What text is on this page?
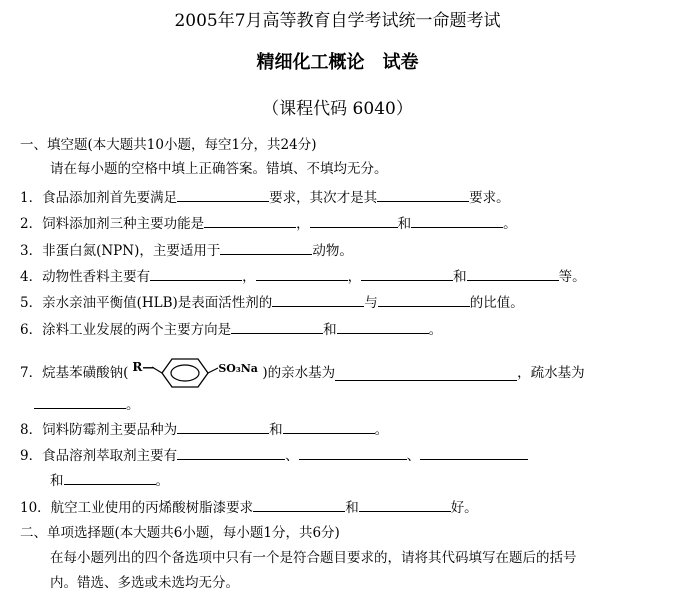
2005年7月高等教育自学考试统一命题考试
精细化工概论　试卷
（课程代码 6040）
一、填空题(本大题共10小题，每空1分，共24分)
请在每小题的空格中填上正确答案。错填、不填均无分。
1．食品添加剂首先要满足	要求，其次才是其	要求。
2．饲料添加剂三种主要功能是	，	和	。
3．非蛋白氮(NPN)，主要适用于	动物。
4．动物性香料主要有	，	，	和	等。
5．亲水亲油平衡值(HLB)是表面活性剂的	与	的比值。
6．涂料工业发展的两个主要方向是	和	。
7．烷基苯磺酸钠( R—	SO₃Na )的亲水基为	，疏水基为
。
8．饲料防霉剂主要品种为	和	。
9．食品溶剂萃取剂主要有	、	、
和	。
10．航空工业使用的丙烯酸树脂漆要求	和	好。
二、单项选择题(本大题共6小题，每小题1分，共6分)
在每小题列出的四个备选项中只有一个是符合题目要求的，请将其代码填写在题后的括号
内。错选、多选或未选均无分。
